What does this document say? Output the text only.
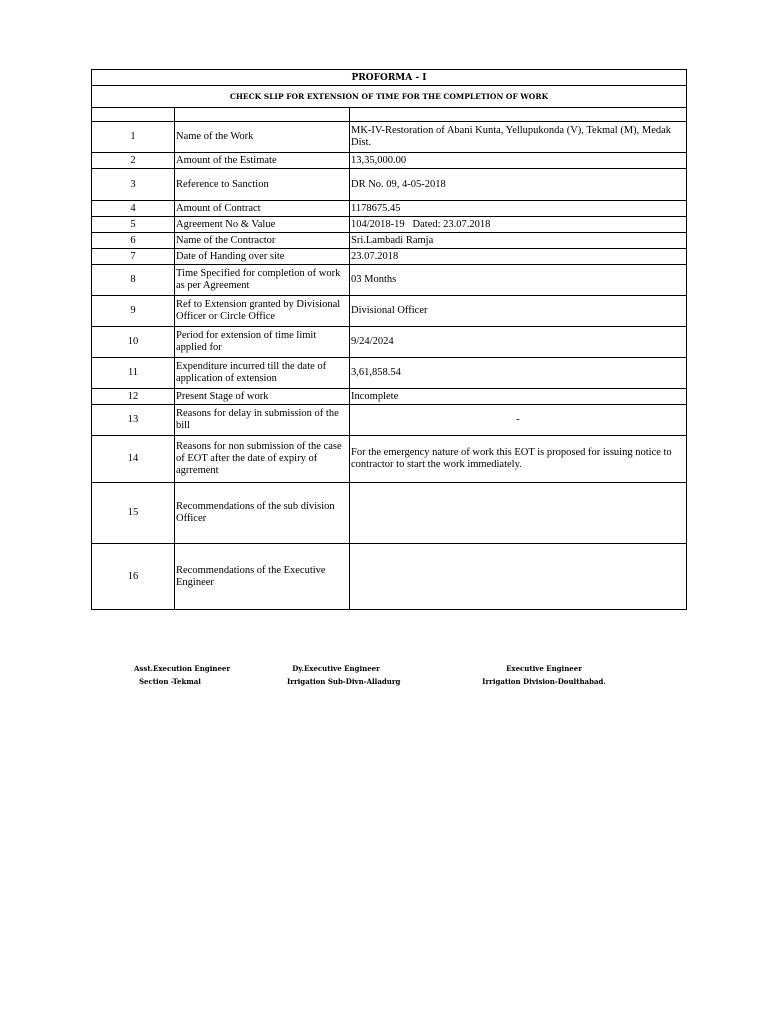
PROFORMA - I		
CHECK SLIP FOR EXTENSION OF TIME FOR THE COMPLETION OF WORK		

1	Name of the Work	MK-IV-Restoration of Abani Kunta, Yellupukonda (V), Tekmal (M), Medak Dist.
2	Amount of the Estimate	13,35,000.00
3	Reference to Sanction	DR No. 09, 4-05-2018
4	Amount of Contract	1178675.45
5	Agreement No & Value	104/2018-19   Dated: 23.07.2018
6	Name of the Contractor	Sri.Lambadi Ramja
7	Date of Handing over site	23.07.2018
8	Time Specified for completion of work as per Agreement	03 Months
9	Ref to Extension granted by Divisional Officer or Circle Office	Divisional Officer
10	Period for extension of time limit applied for	9/24/2024
11	Expenditure incurred till the date of application of extension	3,61,858.54
12	Present Stage of work	Incomplete
13	Reasons for delay in submission of the bill	-
14	Reasons for non submission of the case of EOT after the date of expiry of agrrement	For the emergency nature of work this EOT is proposed for issuing notice to contractor to start the work immediately.
15	Recommendations of the sub division Officer	
16	Recommendations of the Executive Engineer	
Asst.Execution Engineer
Section -Tekmal
Dy.Executive Engineer
Irrigation Sub-Divn-Alladurg
Executive Engineer
Irrigation Division-Doulthabad.
